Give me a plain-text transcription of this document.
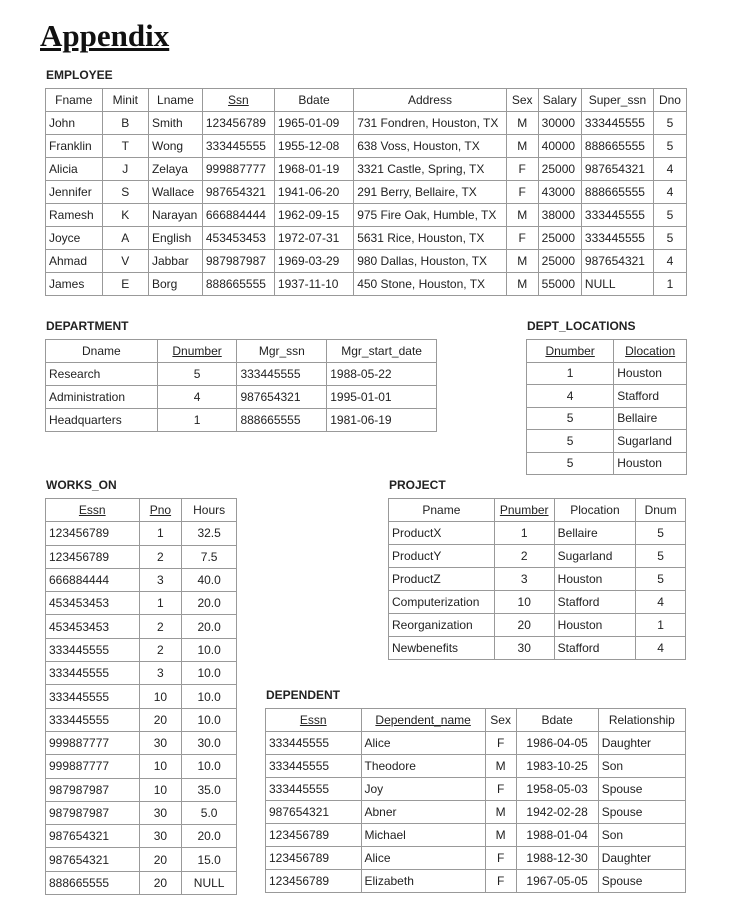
Appendix
EMPLOYEE
Fname	Minit	Lname	Ssn	Bdate	Address	Sex	Salary	Super_ssn	Dno
John	B	Smith	123456789	1965-01-09	731 Fondren, Houston, TX	M	30000	333445555	5
Franklin	T	Wong	333445555	1955-12-08	638 Voss, Houston, TX	M	40000	888665555	5
Alicia	J	Zelaya	999887777	1968-01-19	3321 Castle, Spring, TX	F	25000	987654321	4
Jennifer	S	Wallace	987654321	1941-06-20	291 Berry, Bellaire, TX	F	43000	888665555	4
Ramesh	K	Narayan	666884444	1962-09-15	975 Fire Oak, Humble, TX	M	38000	333445555	5
Joyce	A	English	453453453	1972-07-31	5631 Rice, Houston, TX	F	25000	333445555	5
Ahmad	V	Jabbar	987987987	1969-03-29	980 Dallas, Houston, TX	M	25000	987654321	4
James	E	Borg	888665555	1937-11-10	450 Stone, Houston, TX	M	55000	NULL	1
DEPARTMENT
Dname	Dnumber	Mgr_ssn	Mgr_start_date
Research	5	333445555	1988-05-22
Administration	4	987654321	1995-01-01
Headquarters	1	888665555	1981-06-19
DEPT_LOCATIONS
Dnumber	Dlocation
1	Houston
4	Stafford
5	Bellaire
5	Sugarland
5	Houston
WORKS_ON
Essn	Pno	Hours
123456789	1	32.5
123456789	2	7.5
666884444	3	40.0
453453453	1	20.0
453453453	2	20.0
333445555	2	10.0
333445555	3	10.0
333445555	10	10.0
333445555	20	10.0
999887777	30	30.0
999887777	10	10.0
987987987	10	35.0
987987987	30	5.0
987654321	30	20.0
987654321	20	15.0
888665555	20	NULL
PROJECT
Pname	Pnumber	Plocation	Dnum
ProductX	1	Bellaire	5
ProductY	2	Sugarland	5
ProductZ	3	Houston	5
Computerization	10	Stafford	4
Reorganization	20	Houston	1
Newbenefits	30	Stafford	4
DEPENDENT
Essn	Dependent_name	Sex	Bdate	Relationship
333445555	Alice	F	1986-04-05	Daughter
333445555	Theodore	M	1983-10-25	Son
333445555	Joy	F	1958-05-03	Spouse
987654321	Abner	M	1942-02-28	Spouse
123456789	Michael	M	1988-01-04	Son
123456789	Alice	F	1988-12-30	Daughter
123456789	Elizabeth	F	1967-05-05	Spouse
